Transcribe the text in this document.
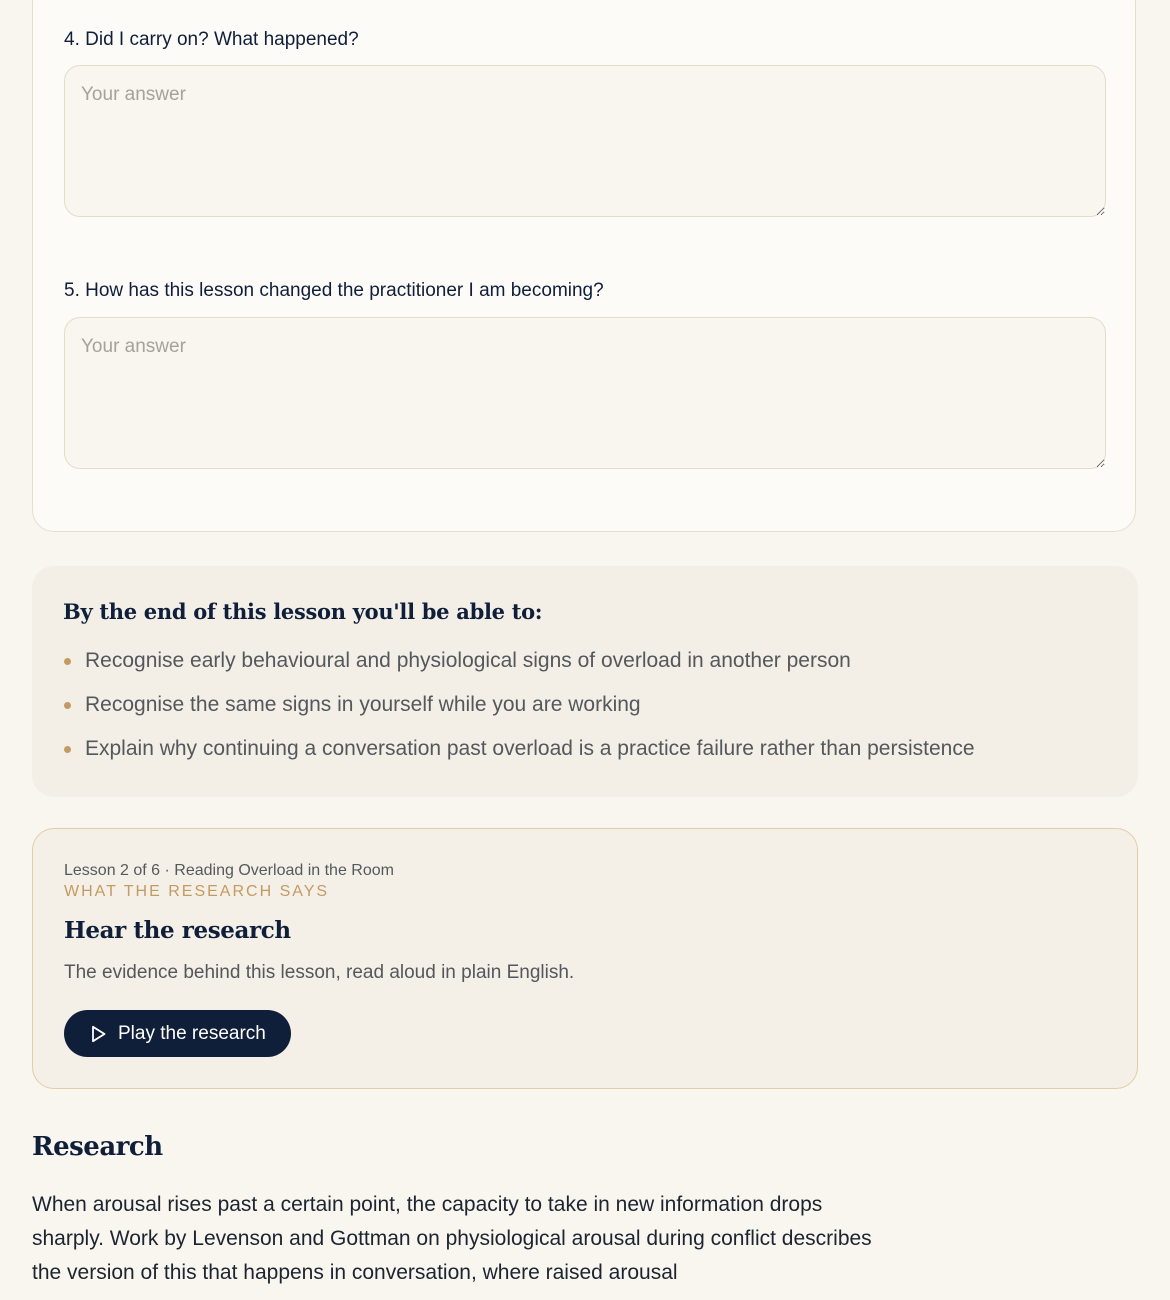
4. Did I carry on? What happened?
Your answer
5. How has this lesson changed the practitioner I am becoming?
Your answer
By the end of this lesson you'll be able to:
Recognise early behavioural and physiological signs of overload in another person
Recognise the same signs in yourself while you are working
Explain why continuing a conversation past overload is a practice failure rather than persistence
Lesson 2 of 6 · Reading Overload in the Room
WHAT THE RESEARCH SAYS
Hear the research

The evidence behind this lesson, read aloud in plain English.

Play the research
Research

When arousal rises past a certain point, the capacity to take in new information drops sharply. Work by Levenson and Gottman on physiological arousal during conflict describes the version of this that happens in conversation, where raised arousal
